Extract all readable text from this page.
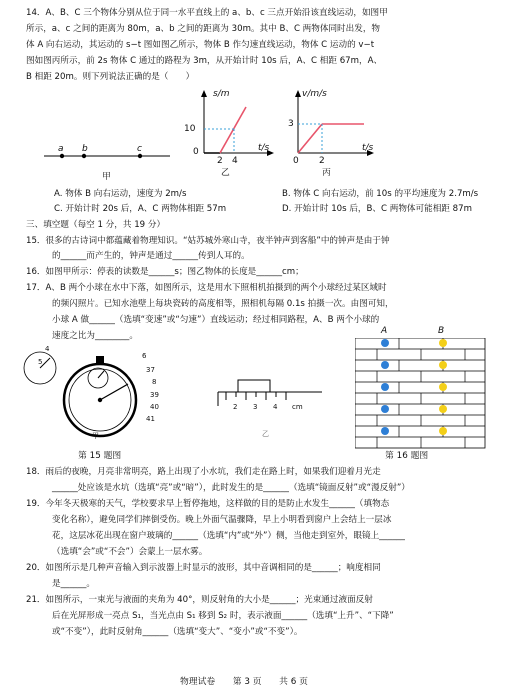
14．A、B、C 三个物体分别从位于同一水平直线上的 a、b、c 三点开始沿该直线运动，如图甲
所示，a、c 之间的距离为 80m，a、b 之间的距离为 30m。其中 B、C 两物体同时出发，物
体 A 向右运动，其运动的 s−t 图如图乙所示，物体 B 作匀速直线运动，物体 C 运动的 v−t
图如图丙所示，前 2s 物体 C 通过的路程为 3m，从开始计时 10s 后，A、C 相距 67m，A、
B 相距 20m。则下列说法正确的是（　　）
a b	c
甲
s/m
t/s
10
0
2 4
乙
v/m/s
t/s
3
0 2
丙
A. 物体 B 向右运动，速度为 2m/s	B. 物体 C 向右运动，前 10s 的平均速度为 2.7m/s
C. 开始计时 20s 后，A、C 两物体相距 57m	D. 开始计时 10s 后，B、C 两物体可能相距 87m
三、填空题（每空 1 分，共 19 分）
15．很多的古诗词中都蕴藏着物理知识。“姑苏城外寒山寺，夜半钟声到客船”中的钟声是由于钟
的______而产生的，钟声是通过______传到人耳的。
16．如图甲所示：停表的读数是______s；图乙物体的长度是______cm；
17．A、B 两个小球在水中下落，如图所示，这是用水下照相机拍摄到的两个小球经过某区域时
的频闪照片。已知水池壁上每块瓷砖的高度相等，照相机每隔 0.1s 拍摄一次。由图可知，
小球 A 做______（选填“变速”或“匀速”）直线运动；经过相同路程，A、B 两个小球的
速度之比为________。
4
5
6
37
8
39
40
41
甲
2 3 4 cm
乙
A	B
第 15 题图	第 16 题图
18．雨后的夜晚，月亮非常明亮，路上出现了小水坑，我们走在路上时，如果我们迎着月光走
______处应该是水坑（选填“亮”或“暗”），此时发生的是______（选填“镜面反射”或“漫反射”）
19．今年冬天极寒的天气，学校要求早上暂停拖地，这样做的目的是防止水发生______（填物态
变化名称），避免同学们摔倒受伤。晚上外面气温骤降，早上小明看到窗户上会结上一层冰
花，这层冰花出现在窗户玻璃的______（选填“内”或“外”）侧，当他走到室外，眼镜上______
（选填“会”或“不会”）会蒙上一层水雾。
20．如图所示是几种声音输入到示波器上时显示的波形，其中音调相同的是______；响度相同
是______。
21．如图所示，一束光与液面的夹角为 40°，则反射角的大小是______；光束通过液面反射
后在光屏形成一亮点 S₁，当光点由 S₁ 移到 S₂ 时，表示液面______（选填“上升”、“下降”
或“不变”），此时反射角______（选填“变大”、“变小”或“不变”）。
物理试卷　　第 3 页　　共 6 页
